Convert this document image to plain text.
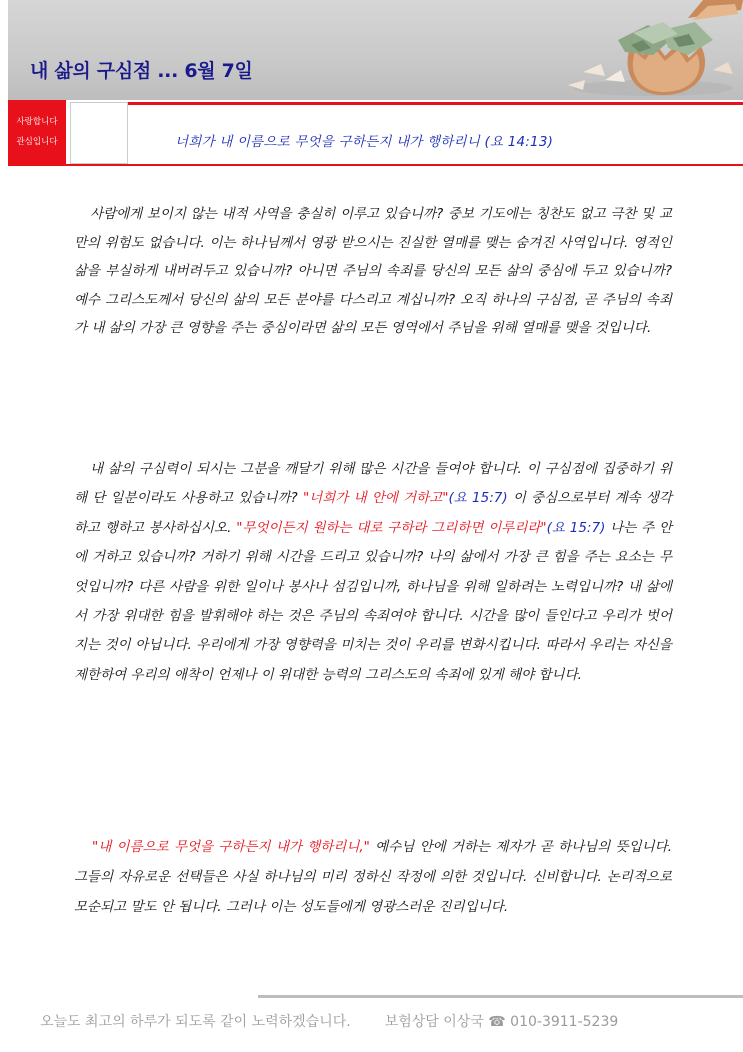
내 삶의 구심점 ... 6월 7일
사랑합니다
관심입니다	너희가 내 이름으로 무엇을 구하든지 내가 행하리니 (요 14:13)

사람에게 보이지 않는 내적 사역을 충실히 이루고 있습니까? 중보 기도에는 칭찬도 없고 극찬 및 교만의 위험도 없습니다. 이는 하나님께서 영광 받으시는 진실한 열매를 맺는 숨겨진 사역입니다. 영적인 삶을 부실하게 내버려두고 있습니까? 아니면 주님의 속죄를 당신의 모든 삶의 중심에 두고 있습니까? 예수 그리스도께서 당신의 삶의 모든 분야를 다스리고 계십니까? 오직 하나의 구심점, 곧 주님의 속죄가 내 삶의 가장 큰 영향을 주는 중심이라면 삶의 모든 영역에서 주님을 위해 열매를 맺을 것입니다.

내 삶의 구심력이 되시는 그분을 깨달기 위해 많은 시간을 들여야 합니다. 이 구심점에 집중하기 위해 단 일분이라도 사용하고 있습니까? "너희가 내 안에 거하고"(요 15:7) 이 중심으로부터 계속 생각하고 행하고 봉사하십시오. "무엇이든지 원하는 대로 구하라 그리하면 이루리라"(요 15:7) 나는 주 안에 거하고 있습니까? 거하기 위해 시간을 드리고 있습니까? 나의 삶에서 가장 큰 힘을 주는 요소는 무엇입니까? 다른 사람을 위한 일이나 봉사나 섬김입니까, 하나님을 위해 일하려는 노력입니까? 내 삶에서 가장 위대한 힘을 발휘해야 하는 것은 주님의 속죄여야 합니다. 시간을 많이 들인다고 우리가 벗어지는 것이 아닙니다. 우리에게 가장 영향력을 미치는 것이 우리를 변화시킵니다. 따라서 우리는 자신을 제한하여 우리의 애착이 언제나 이 위대한 능력의 그리스도의 속죄에 있게 해야 합니다.

"내 이름으로 무엇을 구하든지 내가 행하리니," 예수님 안에 거하는 제자가 곧 하나님의 뜻입니다. 그들의 자유로운 선택들은 사실 하나님의 미리 정하신 작정에 의한 것입니다. 신비합니다. 논리적으로 모순되고 말도 안 됩니다. 그러나 이는 성도들에게 영광스러운 진리입니다.

오늘도 최고의 하루가 되도록 같이 노력하겠습니다. 보험상담 이상국 ☎ 010-3911-5239
